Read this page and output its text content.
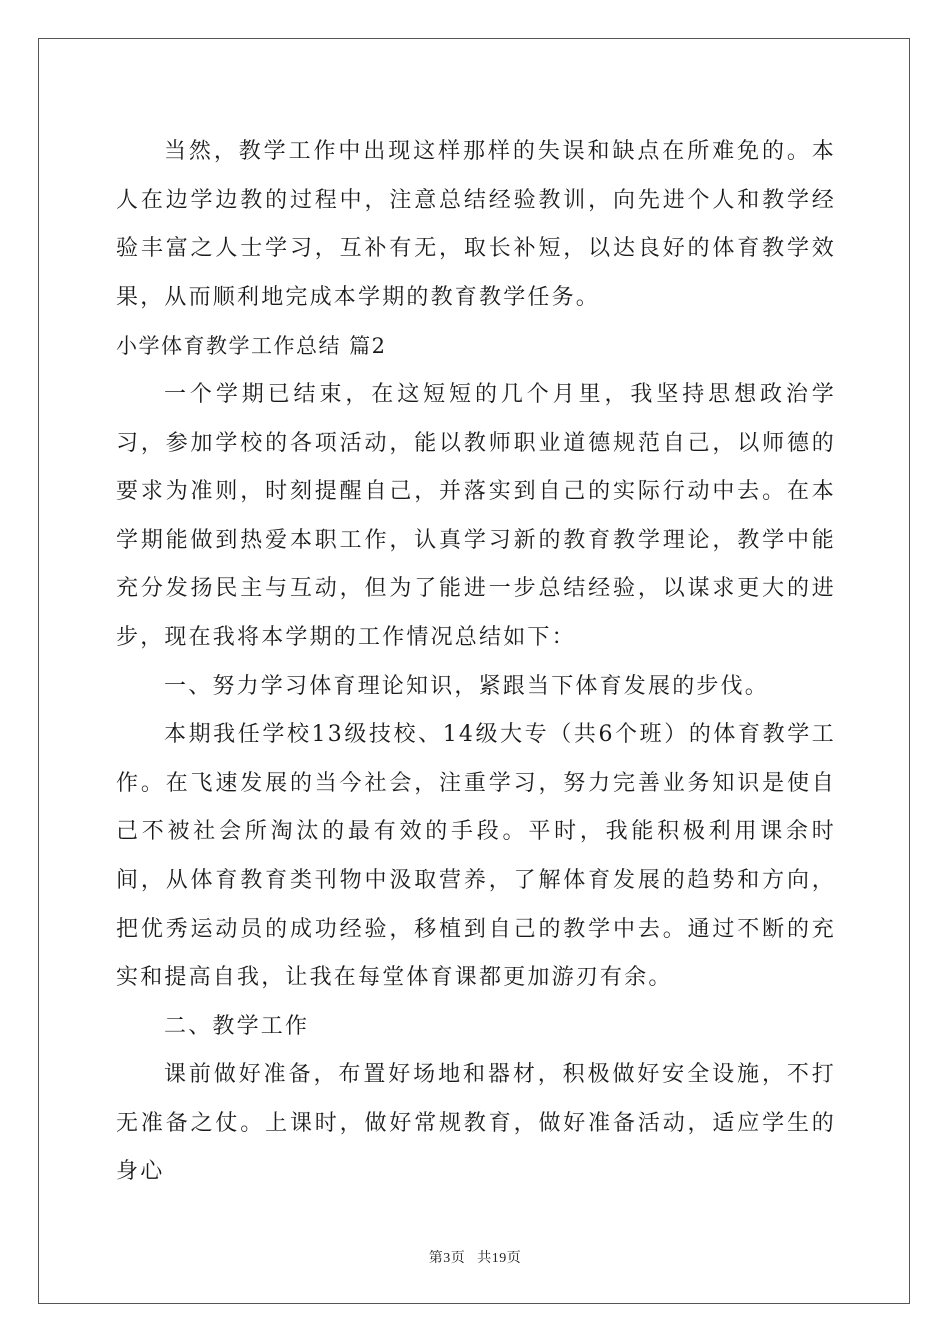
当然，教学工作中出现这样那样的失误和缺点在所难免的。本人在边学边教的过程中，注意总结经验教训，向先进个人和教学经验丰富之人士学习，互补有无，取长补短，以达良好的体育教学效果，从而顺利地完成本学期的教育教学任务。

小学体育教学工作总结 篇2

一个学期已结束，在这短短的几个月里，我坚持思想政治学习，参加学校的各项活动，能以教师职业道德规范自己，以师德的要求为准则，时刻提醒自己，并落实到自己的实际行动中去。在本学期能做到热爱本职工作，认真学习新的教育教学理论，教学中能充分发扬民主与互动，但为了能进一步总结经验，以谋求更大的进步，现在我将本学期的工作情况总结如下：

一、努力学习体育理论知识，紧跟当下体育发展的步伐。

本期我任学校13级技校、14级大专（共6个班）的体育教学工作。在飞速发展的当今社会，注重学习，努力完善业务知识是使自己不被社会所淘汰的最有效的手段。平时，我能积极利用课余时间，从体育教育类刊物中汲取营养，了解体育发展的趋势和方向，把优秀运动员的成功经验，移植到自己的教学中去。通过不断的充实和提高自我，让我在每堂体育课都更加游刃有余。

二、教学工作

课前做好准备，布置好场地和器材，积极做好安全设施，不打无准备之仗。上课时，做好常规教育，做好准备活动，适应学生的身心

第3页 共19页
